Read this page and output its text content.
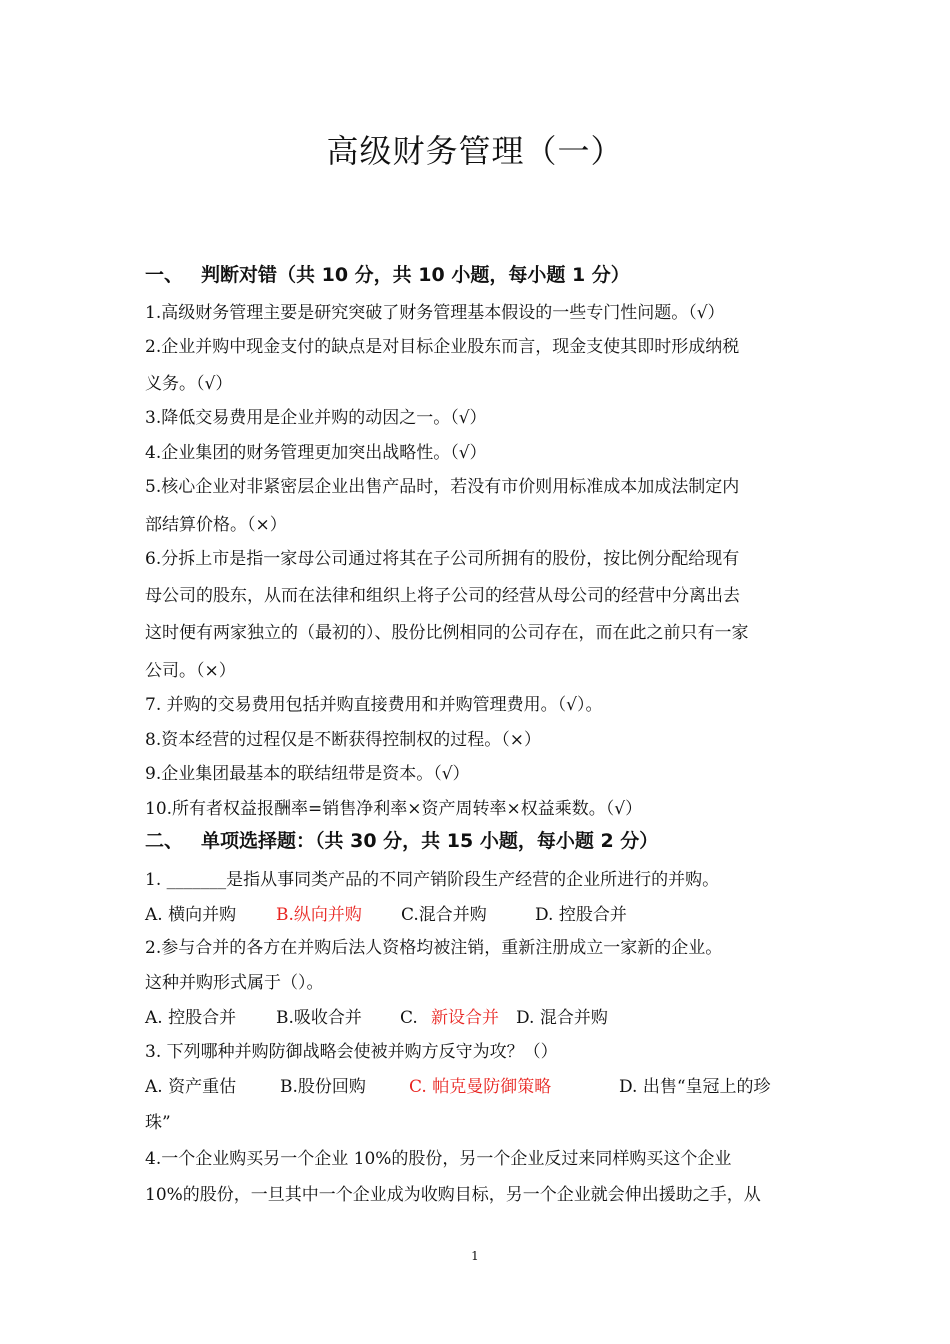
高级财务管理（一）
一、 判断对错（共 10 分，共 10 小题，每小题 1 分）
1.高级财务管理主要是研究突破了财务管理基本假设的一些专门性问题。（√）
2.企业并购中现金支付的缺点是对目标企业股东而言，现金支使其即时形成纳税
义务。（√）
3.降低交易费用是企业并购的动因之一。（√）
4.企业集团的财务管理更加突出战略性。（√）
5.核心企业对非紧密层企业出售产品时，若没有市价则用标准成本加成法制定内
部结算价格。（×）
6.分拆上市是指一家母公司通过将其在子公司所拥有的股份，按比例分配给现有
母公司的股东，从而在法律和组织上将子公司的经营从母公司的经营中分离出去
这时便有两家独立的（最初的）、股份比例相同的公司存在，而在此之前只有一家
公司。（×）
7. 并购的交易费用包括并购直接费用和并购管理费用。（√）。
8.资本经营的过程仅是不断获得控制权的过程。（×）
9.企业集团最基本的联结纽带是资本。（√）
10.所有者权益报酬率=销售净利率×资产周转率×权益乘数。（√）
二、 单项选择题：（共 30 分，共 15 小题，每小题 2 分）
1. _______是指从事同类产品的不同产销阶段生产经营的企业所进行的并购。
A. 横向并购 B.纵向并购 C.混合并购	D. 控股合并
2.参与合并的各方在并购后法人资格均被注销，重新注册成立一家新的企业。
这种并购形式属于（）。
A. 控股合并 B.吸收合并 C. 新设合并 D. 混合并购
3. 下列哪种并购防御战略会使被并购方反守为攻？（）
A. 资产重估	B.股份回购	C. 帕克曼防御策略	D. 出售“皇冠上的珍
珠”
4.一个企业购买另一个企业 10%的股份，另一个企业反过来同样购买这个企业
10%的股份，一旦其中一个企业成为收购目标，另一个企业就会伸出援助之手，从
1
